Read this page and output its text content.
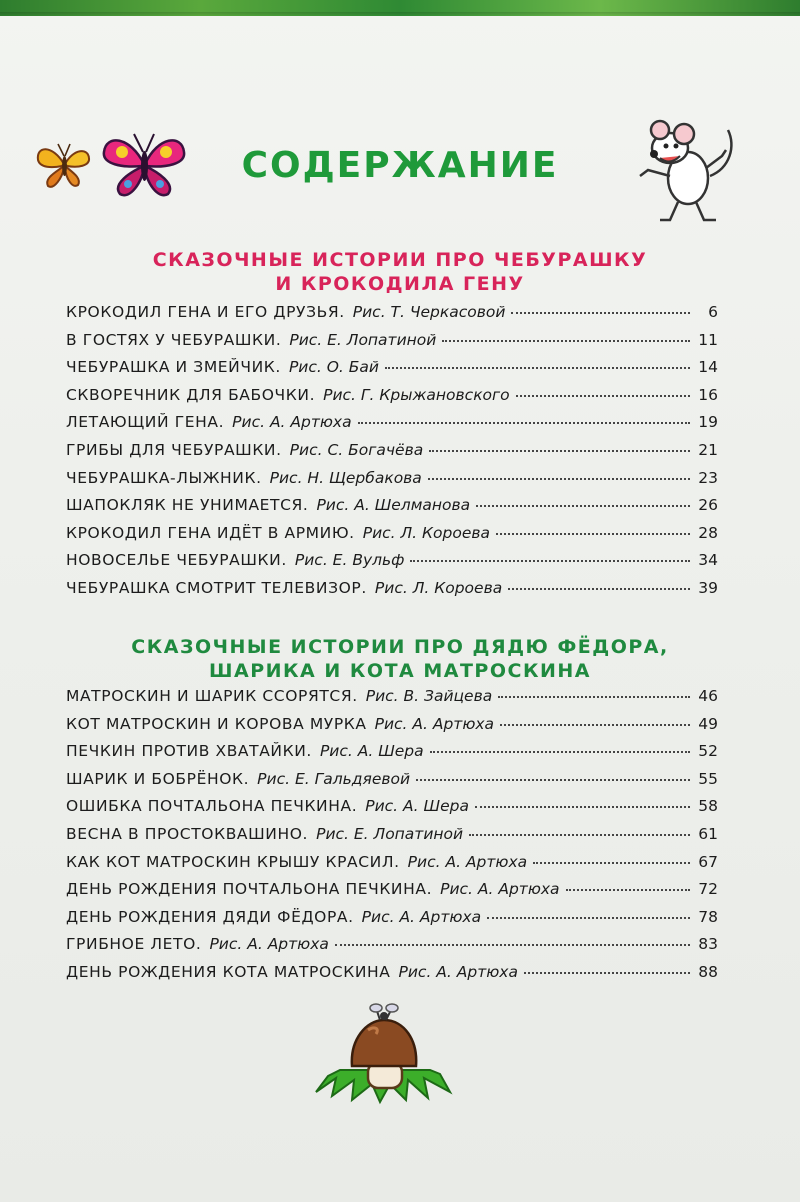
СОДЕРЖАНИЕ
СКАЗОЧНЫЕ ИСТОРИИ ПРО ЧЕБУРАШКУ
И КРОКОДИЛА ГЕНУ
КРОКОДИЛ ГЕНА И ЕГО ДРУЗЬЯ. Рис. Т. Черкасовой	6
В ГОСТЯХ У ЧЕБУРАШКИ. Рис. Е. Лопатиной	11
ЧЕБУРАШКА И ЗМЕЙЧИК. Рис. О. Бай	14
СКВОРЕЧНИК ДЛЯ БАБОЧКИ. Рис. Г. Крыжановского	16
ЛЕТАЮЩИЙ ГЕНА. Рис. А. Артюха	19
ГРИБЫ ДЛЯ ЧЕБУРАШКИ. Рис. С. Богачёва	21
ЧЕБУРАШКА-ЛЫЖНИК. Рис. Н. Щербакова	23
ШАПОКЛЯК НЕ УНИМАЕТСЯ. Рис. А. Шелманова	26
КРОКОДИЛ ГЕНА ИДЁТ В АРМИЮ. Рис. Л. Короева	28
НОВОСЕЛЬЕ ЧЕБУРАШКИ. Рис. Е. Вульф	34
ЧЕБУРАШКА СМОТРИТ ТЕЛЕВИЗОР. Рис. Л. Короева	39
СКАЗОЧНЫЕ ИСТОРИИ ПРО ДЯДЮ ФЁДОРА,
ШАРИКА И КОТА МАТРОСКИНА
МАТРОСКИН И ШАРИК ССОРЯТСЯ. Рис. В. Зайцева	46
КОТ МАТРОСКИН И КОРОВА МУРКА Рис. А. Артюха	49
ПЕЧКИН ПРОТИВ ХВАТАЙКИ. Рис. А. Шера	52
ШАРИК И БОБРЁНОК. Рис. Е. Гальдяевой	55
ОШИБКА ПОЧТАЛЬОНА ПЕЧКИНА. Рис. А. Шера	58
ВЕСНА В ПРОСТОКВАШИНО. Рис. Е. Лопатиной	61
КАК КОТ МАТРОСКИН КРЫШУ КРАСИЛ. Рис. А. Артюха	67
ДЕНЬ РОЖДЕНИЯ ПОЧТАЛЬОНА ПЕЧКИНА. Рис. А. Артюха	72
ДЕНЬ РОЖДЕНИЯ ДЯДИ ФЁДОРА. Рис. А. Артюха	78
ГРИБНОЕ ЛЕТО. Рис. А. Артюха	83
ДЕНЬ РОЖДЕНИЯ КОТА МАТРОСКИНА Рис. А. Артюха	88
